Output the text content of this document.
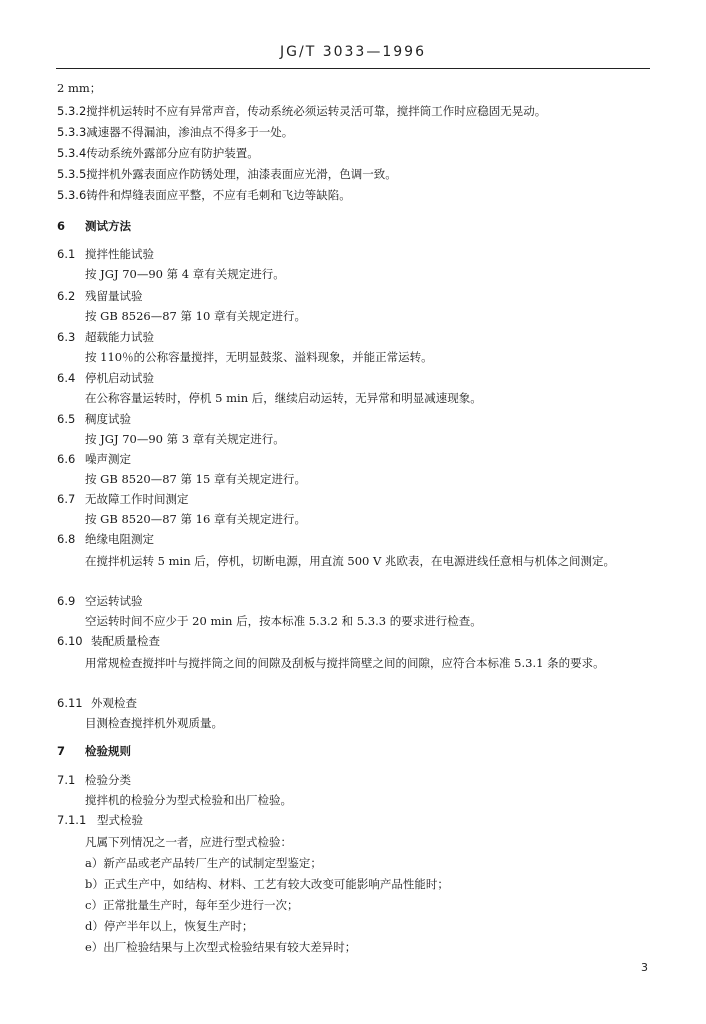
JG/T 3033—1996
2 mm；
5.3.2搅拌机运转时不应有异常声音，传动系统必须运转灵活可靠，搅拌筒工作时应稳固无晃动。
5.3.3减速器不得漏油，渗油点不得多于一处。
5.3.4传动系统外露部分应有防护装置。
5.3.5搅拌机外露表面应作防锈处理，油漆表面应光滑，色调一致。
5.3.6铸件和焊缝表面应平整，不应有毛刺和飞边等缺陷。
6 测试方法
6.1 搅拌性能试验
按 JGJ 70—90 第 4 章有关规定进行。
6.2 残留量试验
按 GB 8526—87 第 10 章有关规定进行。
6.3 超载能力试验
按 110％的公称容量搅拌，无明显鼓浆、溢料现象，并能正常运转。
6.4 停机启动试验
在公称容量运转时，停机 5 min 后，继续启动运转，无异常和明显减速现象。
6.5 稠度试验
按 JGJ 70—90 第 3 章有关规定进行。
6.6 噪声测定
按 GB 8520—87 第 15 章有关规定进行。
6.7 无故障工作时间测定
按 GB 8520—87 第 16 章有关规定进行。
6.8 绝缘电阻测定
在搅拌机运转 5 min 后，停机，切断电源，用直流 500 V 兆欧表，在电源进线任意相与机体之间测定。
6.9 空运转试验
空运转时间不应少于 20 min 后，按本标准 5.3.2 和 5.3.3 的要求进行检查。
6.10 装配质量检查
用常规检查搅拌叶与搅拌筒之间的间隙及刮板与搅拌筒壁之间的间隙，应符合本标准 5.3.1 条的要求。
6.11 外观检查
目测检查搅拌机外观质量。
7 检验规则
7.1 检验分类
搅拌机的检验分为型式检验和出厂检验。
7.1.1 型式检验
凡属下列情况之一者，应进行型式检验：
a）新产品或老产品转厂生产的试制定型鉴定；
b）正式生产中，如结构、材料、工艺有较大改变可能影响产品性能时；
c）正常批量生产时，每年至少进行一次；
d）停产半年以上，恢复生产时；
e）出厂检验结果与上次型式检验结果有较大差异时；
3
